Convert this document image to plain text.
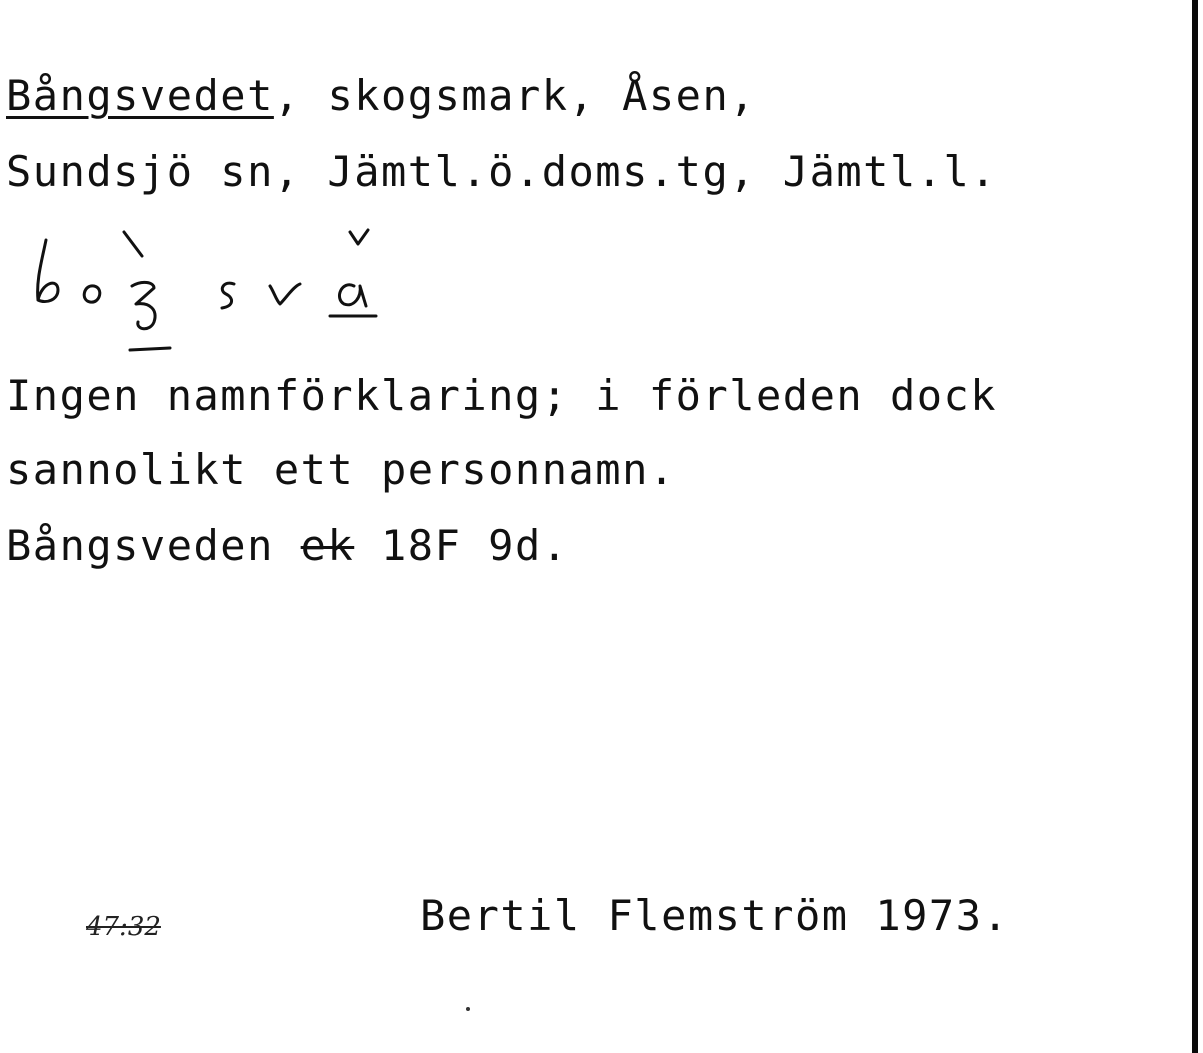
Bångsvedet, skogsmark, Åsen,
Sundsjö sn, Jämtl.ö.doms.tg, Jämtl.l.
Ingen namnförklaring; i förleden dock
sannolikt ett personnamn.
Bångsveden ek 18F 9d.
47:32	Bertil Flemström 1973.
